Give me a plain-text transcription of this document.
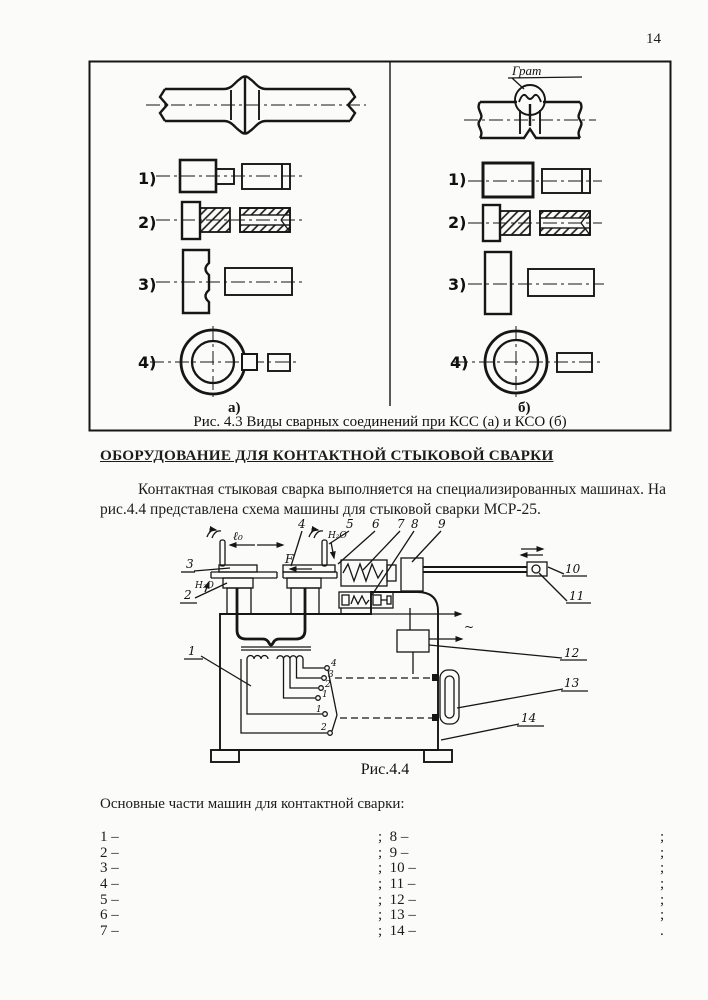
14
1)
2)
3)
4)
а)
Грат
1)
2)
3)
4)
б)
Рис. 4.3 Виды сварных соединений при КСС (а) и КСО (б)
ОБОРУДОВАНИЕ ДЛЯ КОНТАКТНОЙ СТЫКОВОЙ СВАРКИ
Контактная стыковая сварка выполняется на специализированных машинах. На рис.4.4 представлена схема машины для стыковой сварки МСР-25.
ℓ₀
F
Н₂О
Н₂О
~
4
3
2
1
1
2
1
2
3
4	5 6 7 8 9
10
11
12
13
14
Рис.4.4
Основные части машин для контактной сварки:
1 –	;  8 –	;
2 –	;  9 –	;
3 –	;  10 –	;
4 –	;  11 –	;
5 –	;  12 –	;
6 –	;  13 –	;
7 –	;  14 –	.
